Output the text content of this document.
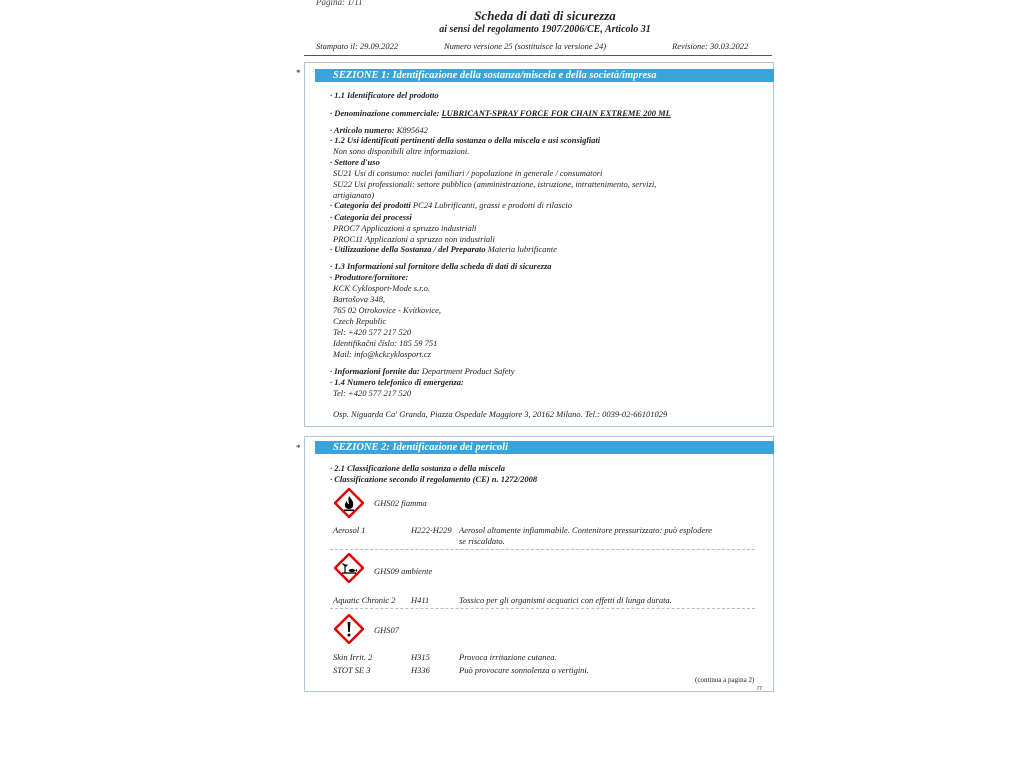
Pagina: 1/11
Scheda di dati di sicurezza
ai sensi del regolamento 1907/2006/CE, Articolo 31
Stampato il: 29.09.2022	Numero versione 25 (sostituisce la versione 24)	Revisione: 30.03.2022
*	SEZIONE 1: Identificazione della sostanza/miscela e della società/impresa
· 1.1 Identificatore del prodotto
· Denominazione commerciale: LUBRICANT-SPRAY FORCE FOR CHAIN EXTREME 200 ML
· Articolo numero: K895642
· 1.2 Usi identificati pertinenti della sostanza o della miscela e usi sconsigliati
Non sono disponibili altre informazioni.
· Settore d'uso
SU21 Usi di consumo: nuclei familiari / popolazione in generale / consumatori
SU22 Usi professionali: settore pubblico (amministrazione, istruzione, intrattenimento, servizi,
artigianato)
· Categoria dei prodotti PC24 Lubrificanti, grassi e prodotti di rilascio
· Categoria dei processi
PROC7 Applicazioni a spruzzo industriali
PROC11 Applicazioni a spruzzo non industriali
· Utilizzazione della Sostanza / del Preparato Materia lubrificante
· 1.3 Informazioni sul fornitore della scheda di dati di sicurezza
· Produttore/fornitore:
KCK Cyklosport-Mode s.r.o.
Bartošova 348,
765 02 Otrokovice - Kvítkovice,
Czech Republic
Tel: +420 577 217 520
Identifikační číslo: 185 59 751
Mail: info@kckcyklosport.cz
· Informazioni fornite da: Department Product Safety
· 1.4 Numero telefonico di emergenza:
Tel: +420 577 217 520
Osp. Niguarda Ca' Granda, Piazza Ospedale Maggiore 3, 20162 Milano. Tel.: 0039-02-66101029
*	SEZIONE 2: Identificazione dei pericoli
· 2.1 Classificazione della sostanza o della miscela
· Classificazione secondo il regolamento (CE) n. 1272/2008
GHS02 fiamma
Aerosol 1	H222-H229 Aerosol altamente infiammabile. Contenitore pressurizzato: può esplodere
se riscaldato.
GHS09 ambiente
Aquatic Chronic 2 H411	Tossico per gli organismi acquatici con effetti di lunga durata.
GHS07
Skin Irrit. 2	H315	Provoca irritazione cutanea.
STOT SE 3	H336	Può provocare sonnolenza o vertigini.
(continua a pagina 2)
IT
